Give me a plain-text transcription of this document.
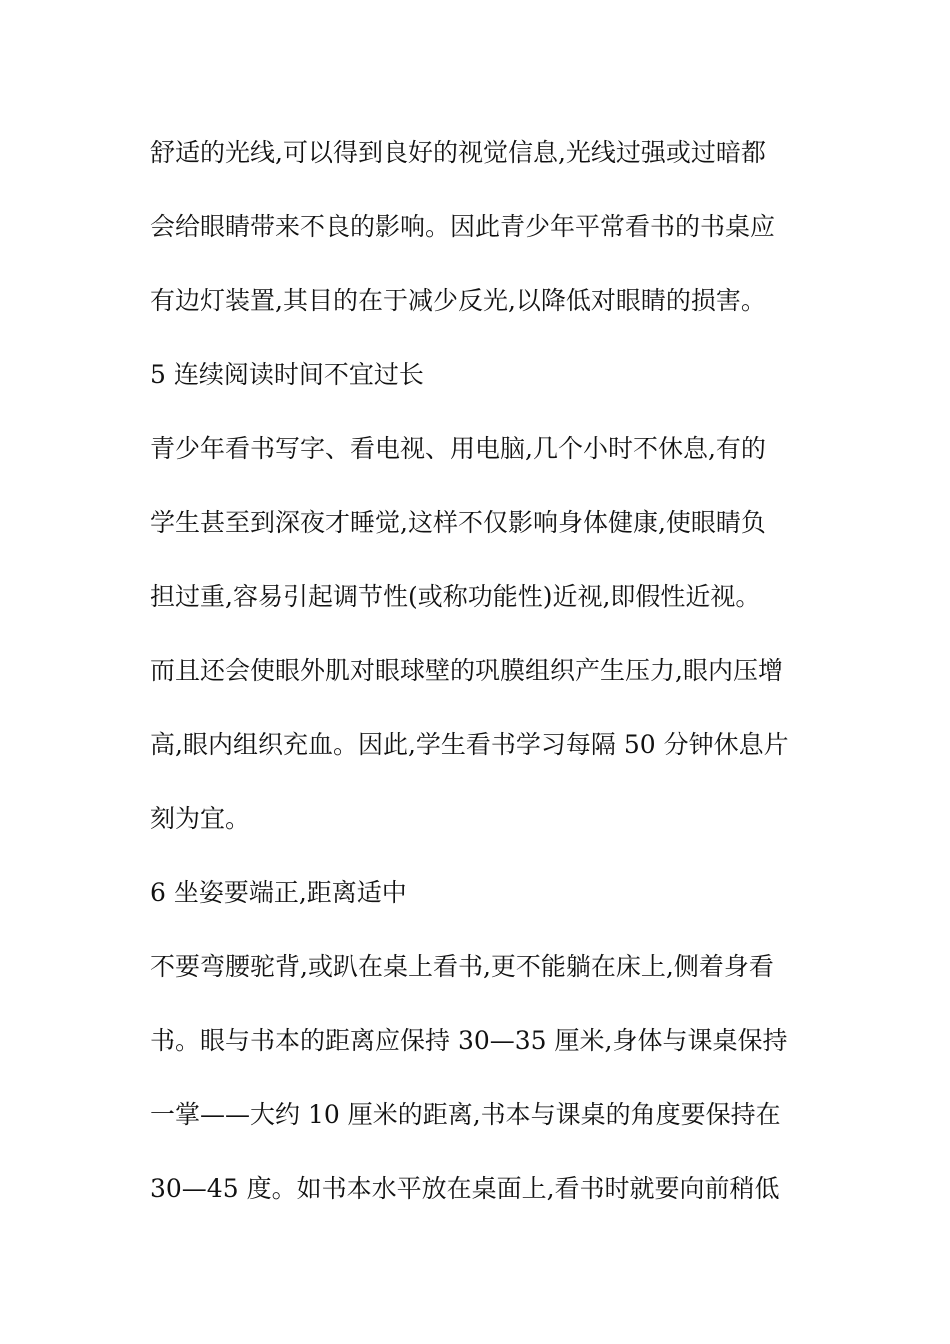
舒适的光线,可以得到良好的视觉信息,光线过强或过暗都
会给眼睛带来不良的影响。因此青少年平常看书的书桌应
有边灯装置,其目的在于减少反光,以降低对眼睛的损害。
5 连续阅读时间不宜过长
青少年看书写字、看电视、用电脑,几个小时不休息,有的
学生甚至到深夜才睡觉,这样不仅影响身体健康,使眼睛负
担过重,容易引起调节性(或称功能性)近视,即假性近视。
而且还会使眼外肌对眼球壁的巩膜组织产生压力,眼内压增
高,眼内组织充血。因此,学生看书学习每隔 50 分钟休息片
刻为宜。
6 坐姿要端正,距离适中
不要弯腰驼背,或趴在桌上看书,更不能躺在床上,侧着身看
书。眼与书本的距离应保持 30—35 厘米,身体与课桌保持
一掌——大约 10 厘米的距离,书本与课桌的角度要保持在
30—45 度。如书本水平放在桌面上,看书时就要向前稍低
